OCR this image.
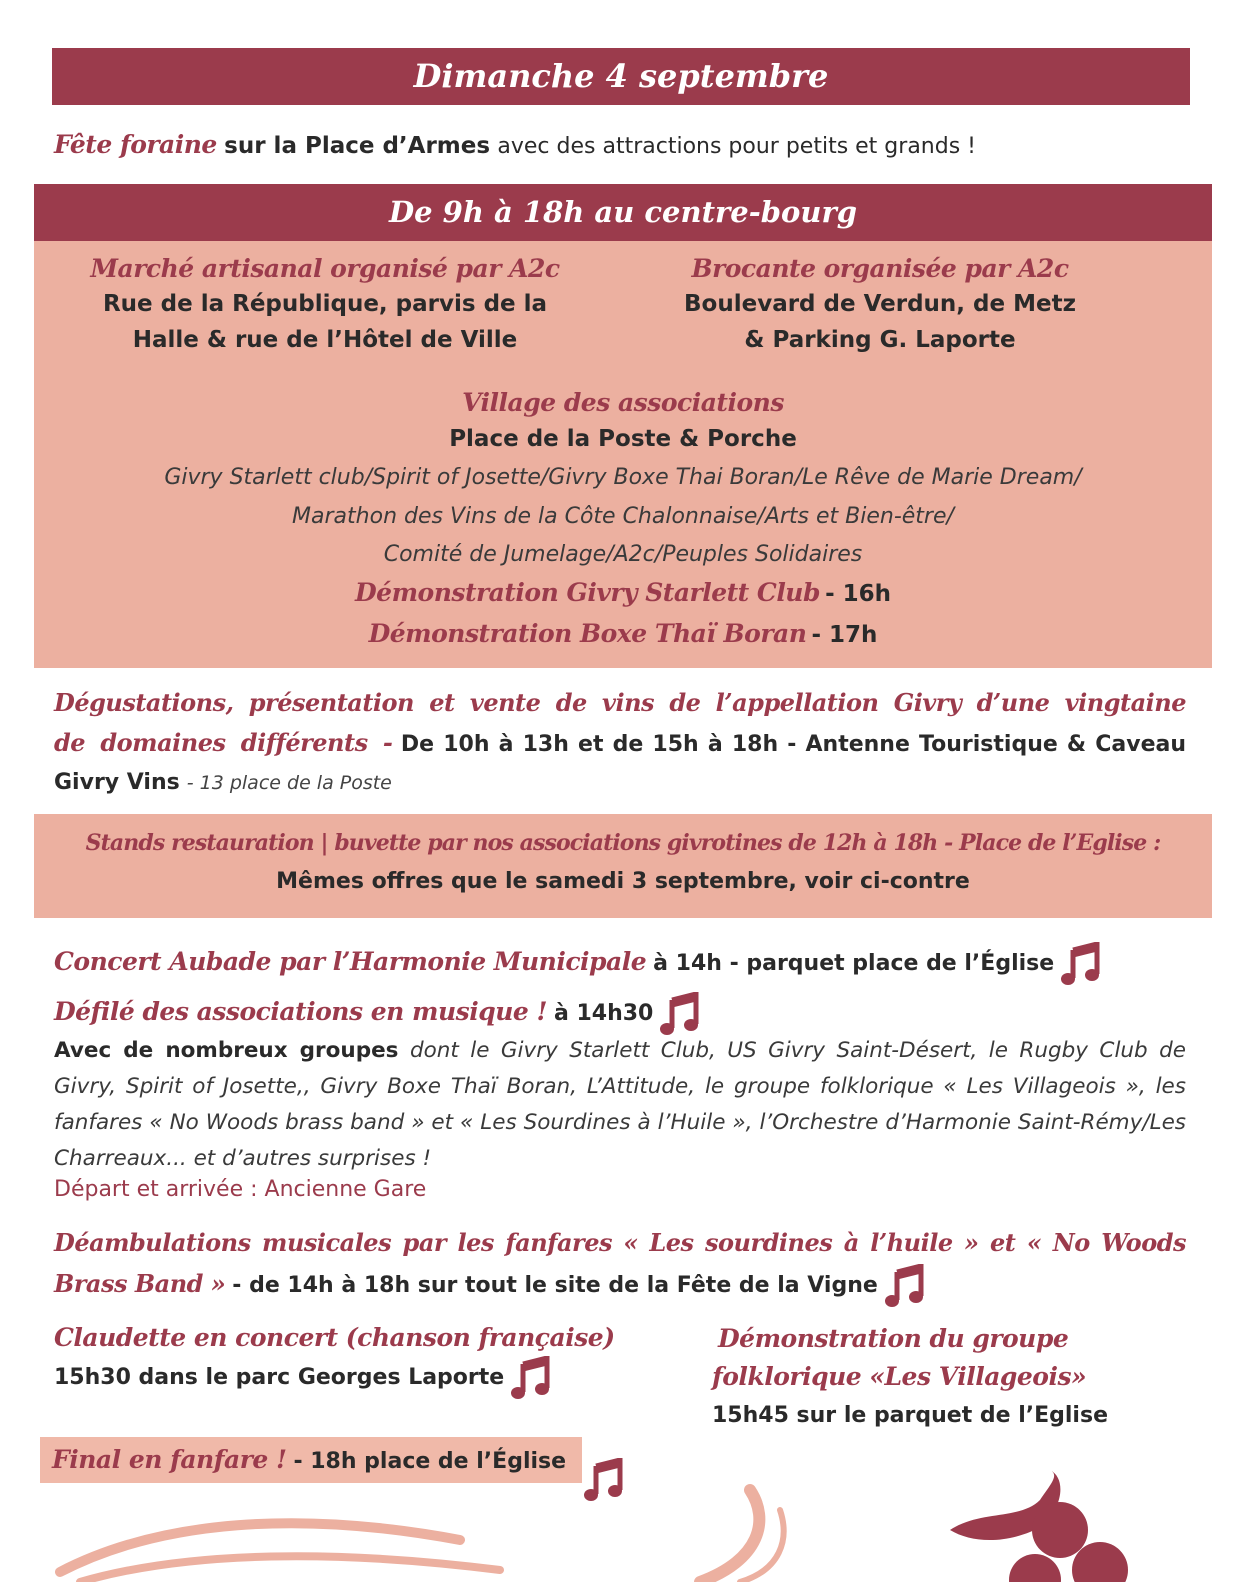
Dimanche 4 septembre
Fête foraine sur la Place d’Armes avec des attractions pour petits et grands !
De 9h à 18h au centre-bourg
Marché artisanal organisé par A2c
Rue de la République, parvis de la
Halle & rue de l’Hôtel de Ville
Brocante organisée par A2c
Boulevard de Verdun, de Metz
& Parking G. Laporte
Village des associations
Place de la Poste & Porche
Givry Starlett club/Spirit of Josette/Givry Boxe Thai Boran/Le Rêve de Marie Dream/
Marathon des Vins de la Côte Chalonnaise/Arts et Bien-être/
Comité de Jumelage/A2c/Peuples Solidaires
Démonstration Givry Starlett Club - 16h
Démonstration Boxe Thaï Boran - 17h
Dégustations, présentation et vente de vins de l’appellation Givry d’une vingtaine de domaines différents - De 10h à 13h et de 15h à 18h - Antenne Touristique & Caveau Givry Vins - 13 place de la Poste
Stands restauration | buvette par nos associations givrotines de 12h à 18h - Place de l’Eglise :
Mêmes offres que le samedi 3 septembre, voir ci-contre
Concert Aubade par l’Harmonie Municipale à 14h - parquet place de l’Église
Défilé des associations en musique ! à 14h30
Avec de nombreux groupes dont le Givry Starlett Club, US Givry Saint-Désert, le Rugby Club de Givry, Spirit of Josette,, Givry Boxe Thaï Boran, L’Attitude, le groupe folklorique « Les Villageois », les fanfares « No Woods brass band » et « Les Sourdines à l’Huile », l’Orchestre d’Harmonie Saint-Rémy/Les Charreaux... et d’autres surprises !
Départ et arrivée : Ancienne Gare
Déambulations musicales par les fanfares « Les sourdines à l’huile » et « No Woods Brass Band » - de 14h à 18h sur tout le site de la Fête de la Vigne
Claudette en concert (chanson française)
15h30 dans le parc Georges Laporte
Démonstration du groupe
folklorique «Les Villageois»
15h45 sur le parquet de l’Eglise
Final en fanfare ! - 18h place de l’Église
